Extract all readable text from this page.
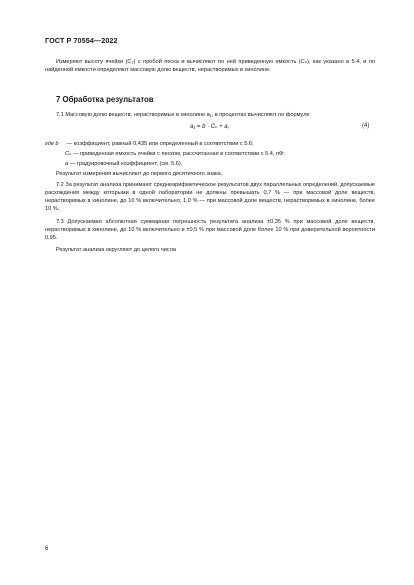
ГОСТ Р 70554—2022

Измеряют высоту ячейки (С₂) с пробой песка и вычисляют по ней приведенную емкость (Cₙ), как указано в 5.4, и по найденной емкости определяют массовую долю веществ, нерастворимых в хинолине.

7 Обработка результатов

7.1 Массовую долю веществ, нерастворимых в хинолине a₁, в процентах вычисляют по формуле

a₁ = b · Cₙ + a,	(4)
где b — коэффициент, равный 0,435 или определенный в соответствии с 5.6;
Cₙ — приведенная емкость ячейки с песком, рассчитанная в соответствии с 5.4, пФ;
a — градуировочный коэффициент, (см. 5.6).

Результат измерения вычисляют до первого десятичного знака.

7.2 За результат анализа принимают среднеарифметическое результатов двух параллельных определений, допускаемые расхождения между которыми в одной лаборатории не должны превышать 0,7 % — при массовой доле веществ, нерастворимых в хинолине, до 10 % включительно; 1,0 % — при массовой доле веществ, нерастворимых в хинолине, более 10 %.

7.3 Допускаемая абсолютная суммарная погрешность результата анализа ±0,35 % при массовой доле веществ, нерастворимых в хинолине, до 10 % включительно и ±0,5 % при массовой доле более 10 % при доверительной вероятности 0,95.

Результат анализа округляют до целого числа

6
